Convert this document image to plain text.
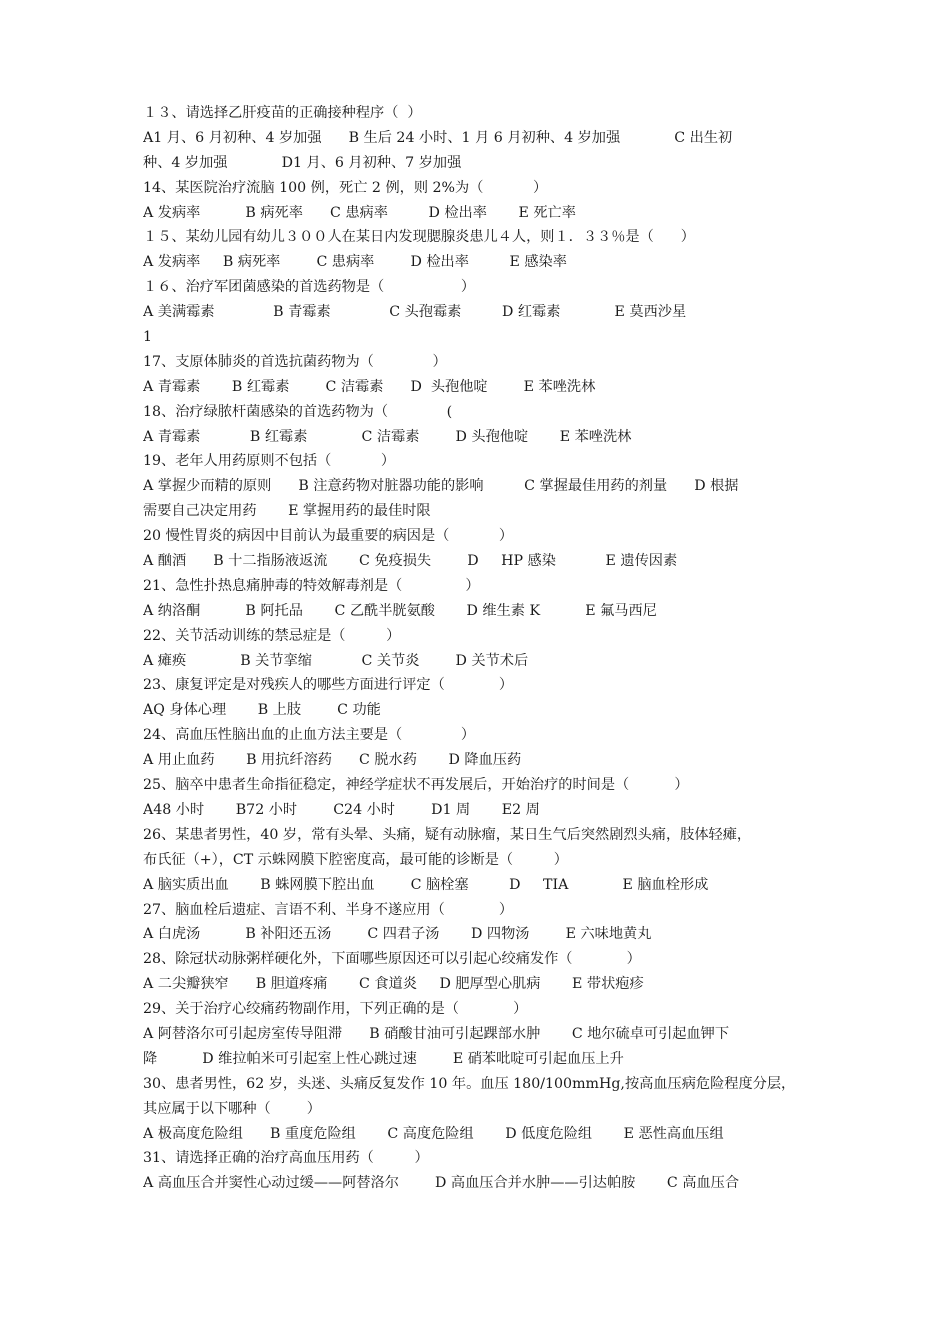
１３、请选择乙肝疫苗的正确接种程序（  ）
A1 月、6 月初种、4 岁加强      B 生后 24 小时、1 月 6 月初种、4 岁加强            C 出生初
种、4 岁加强            D1 月、6 月初种、7 岁加强
14、某医院治疗流脑 100 例，死亡 2 例，则 2%为（           ）
A 发病率          B 病死率      C 患病率         D 检出率       E 死亡率
１５、某幼儿园有幼儿３００人在某日内发现腮腺炎患儿４人，则１．３３％是（      ）
A 发病率     B 病死率        C 患病率        D 检出率         E 感染率
１６、治疗军团菌感染的首选药物是（                 ）
A 美满霉素             B 青霉素             C 头孢霉素         D 红霉素            E 莫西沙星
1
17、支原体肺炎的首选抗菌药物为（             ）
A 青霉素       B 红霉素        C 洁霉素      D  头孢他啶        E 苯唑洗林
18、治疗绿脓杆菌感染的首选药物为（             (
A 青霉素           B 红霉素            C 洁霉素        D 头孢他啶       E 苯唑洗林
19、老年人用药原则不包括（           ）
A 掌握少而精的原则      B 注意药物对脏器功能的影响         C 掌握最佳用药的剂量      D 根据
需要自己决定用药       E 掌握用药的最佳时限
20 慢性胃炎的病因中目前认为最重要的病因是（           ）
A 酗酒      B 十二指肠液返流       C 免疫损失        D     HP 感染           E 遗传因素
21、急性扑热息痛肿毒的特效解毒剂是（              ）
A 纳洛酮          B 阿托品       C 乙酰半胱氨酸       D 维生素 K          E 氟马西尼
22、关节活动训练的禁忌症是（         ）
A 瘫痪            B 关节挛缩           C 关节炎        D 关节术后
23、康复评定是对残疾人的哪些方面进行评定（            ）
AQ 身体心理       B 上肢        C 功能
24、高血压性脑出血的止血方法主要是（             ）
A 用止血药       B 用抗纤溶药      C 脱水药       D 降血压药
25、脑卒中患者生命指征稳定，神经学症状不再发展后，开始治疗的时间是（          ）
A48 小时       B72 小时        C24 小时        D1 周       E2 周
26、某患者男性，40 岁，常有头晕、头痛，疑有动脉瘤，某日生气后突然剧烈头痛，肢体轻瘫，
布氏征（+），CT 示蛛网膜下腔密度高，最可能的诊断是（         ）
A 脑实质出血       B 蛛网膜下腔出血        C 脑栓塞         D     TIA            E 脑血栓形成
27、脑血栓后遗症、言语不利、半身不遂应用（            ）
A 白虎汤          B 补阳还五汤        C 四君子汤       D 四物汤        E 六味地黄丸
28、除冠状动脉粥样硬化外，下面哪些原因还可以引起心绞痛发作（            ）
A 二尖瓣狭窄      B 胆道疼痛       C 食道炎     D 肥厚型心肌病       E 带状疱疹
29、关于治疗心绞痛药物副作用，下列正确的是（            ）
A 阿替洛尔可引起房室传导阻滞      B 硝酸甘油可引起踝部水肿       C 地尔硫卓可引起血钾下
降          D 维拉帕米可引起室上性心跳过速        E 硝苯吡啶可引起血压上升
30、患者男性，62 岁，头迷、头痛反复发作 10 年。血压 180/100mmHg,按高血压病危险程度分层，
其应属于以下哪种（        ）
A 极高度危险组      B 重度危险组       C 高度危险组       D 低度危险组       E 恶性高血压组
31、请选择正确的治疗高血压用药（         ）
A 高血压合并窦性心动过缓——阿替洛尔        D 高血压合并水肿——引达帕胺       C 高血压合
